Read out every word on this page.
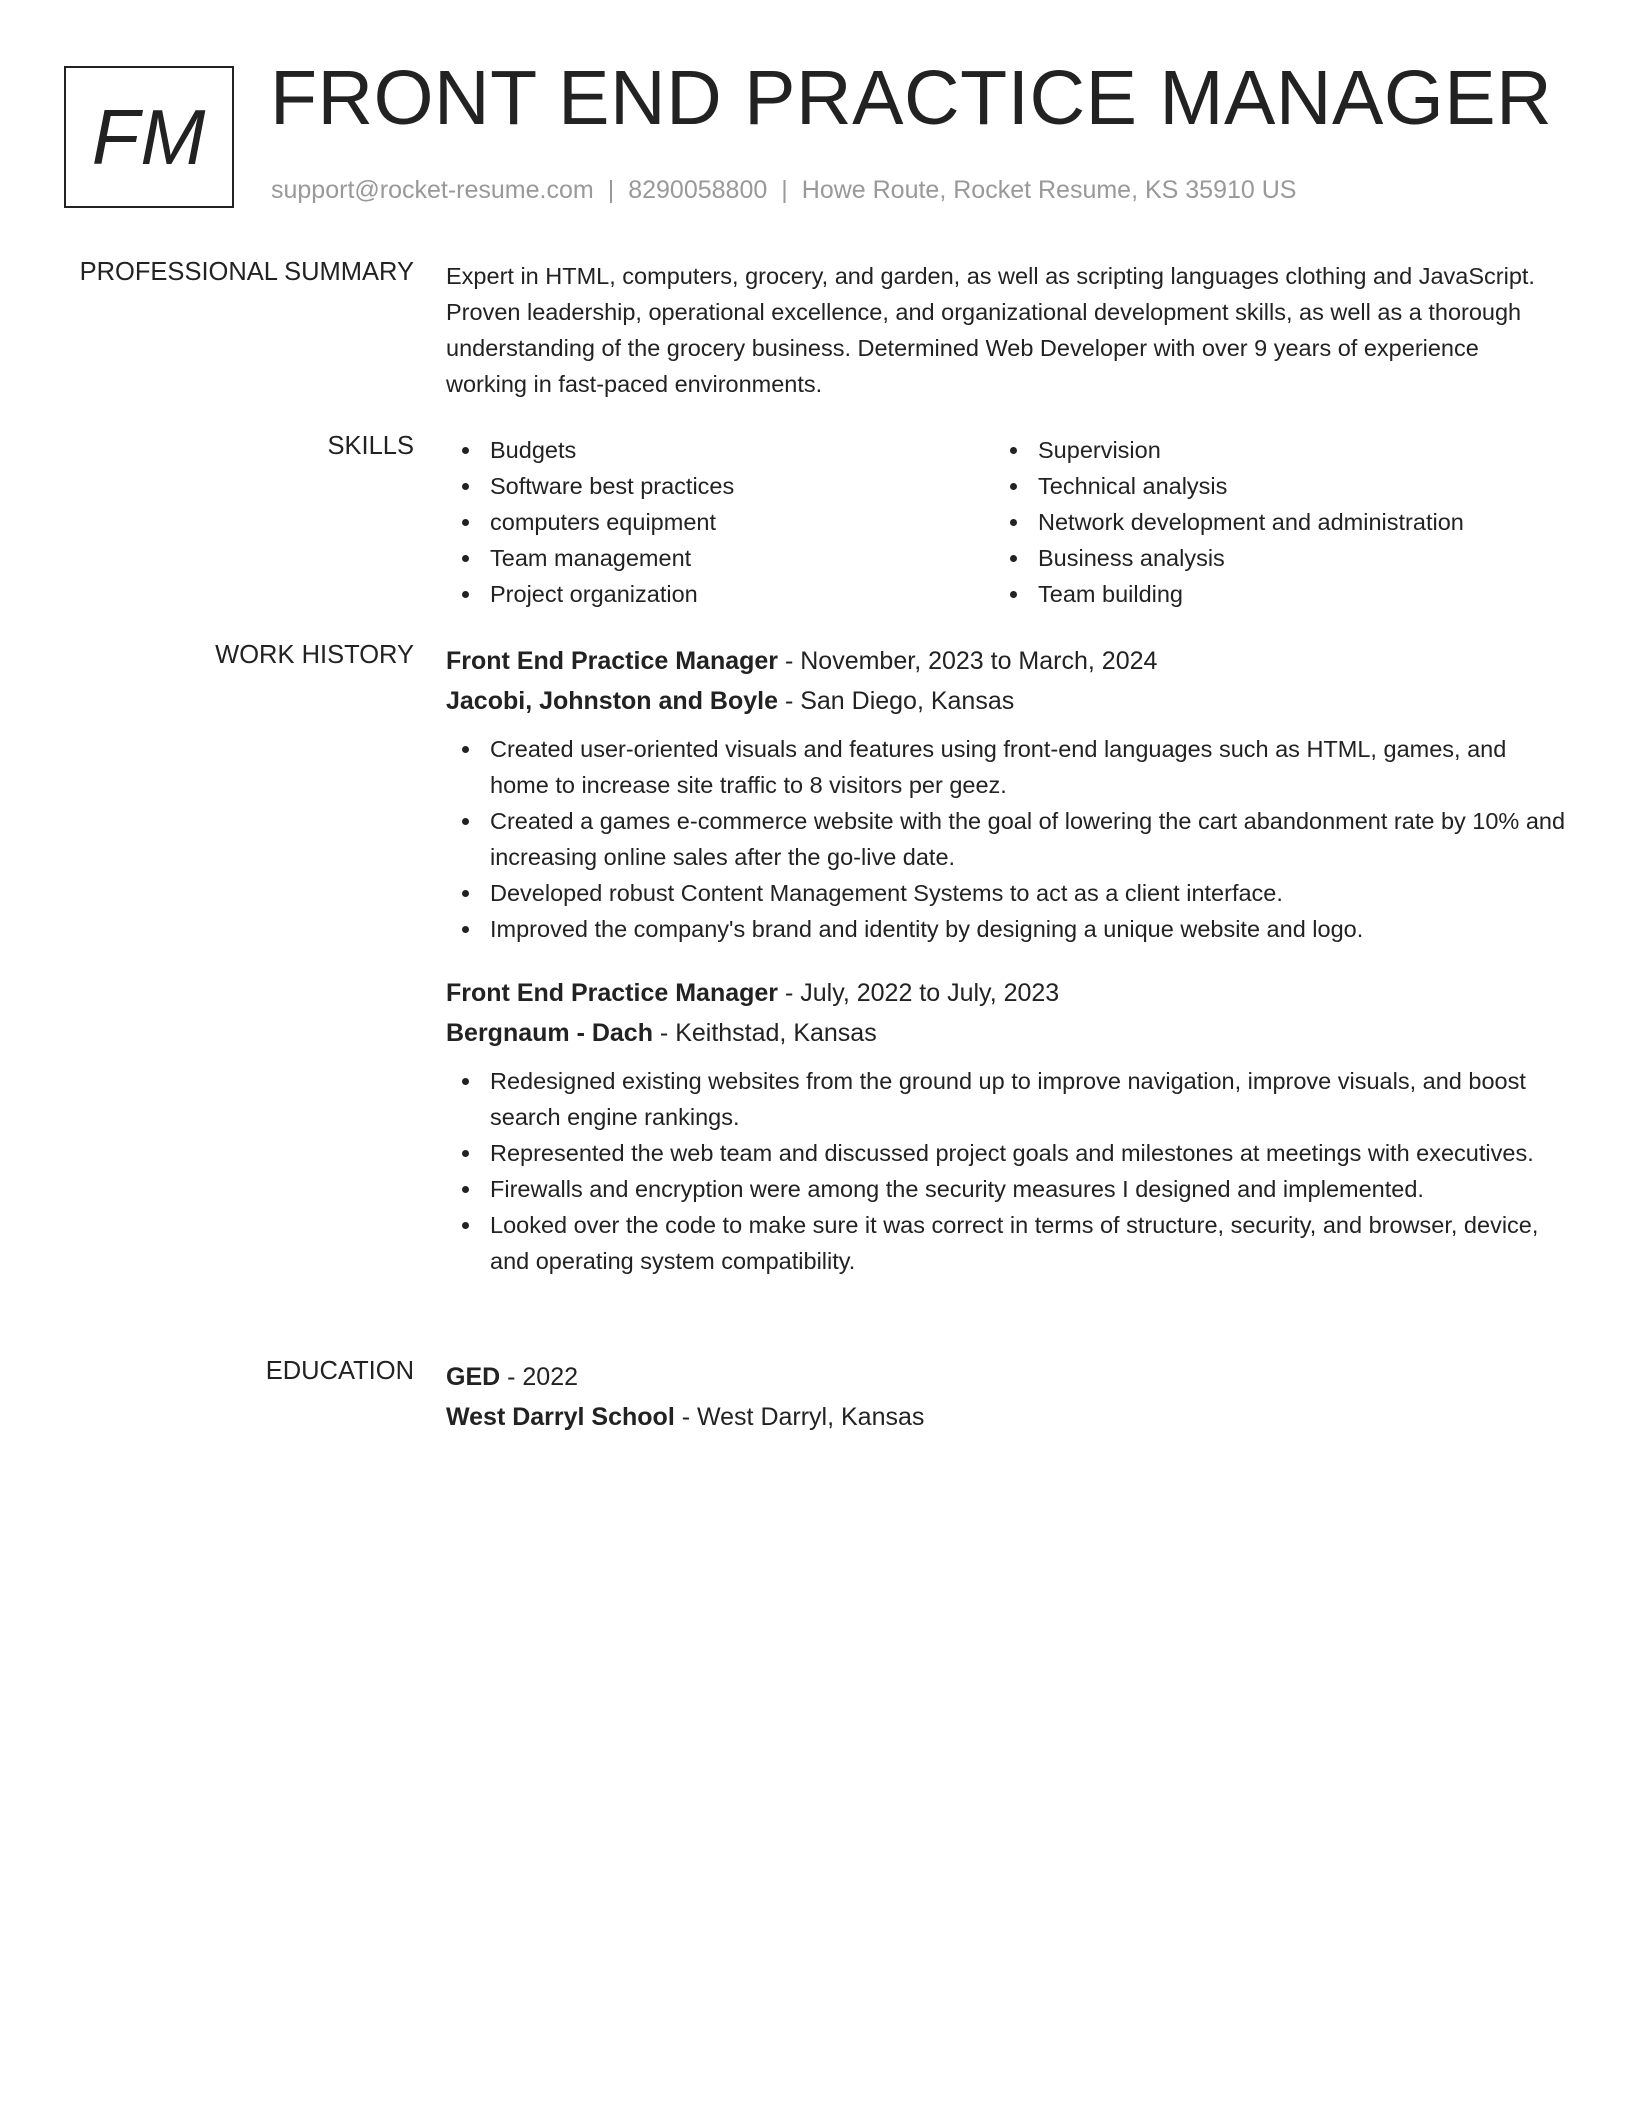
FM FRONT END PRACTICE MANAGER
support@rocket-resume.com | 8290058800 | Howe Route, Rocket Resume, KS 35910 US
PROFESSIONAL SUMMARY Expert in HTML, computers, grocery, and garden, as well as scripting languages clothing and JavaScript. Proven leadership, operational excellence, and organizational development skills, as well as a thorough understanding of the grocery business. Determined Web Developer with over 9 years of experience working in fast-paced environments.

SKILLS	Budgets
Software best practices
computers equipment
Team management
Project organization
Supervision
Technical analysis
Network development and administration
Business analysis
Team building
WORK HISTORY Front End Practice Manager - November, 2023 to March, 2024
Jacobi, Johnston and Boyle - San Diego, Kansas
Created user-oriented visuals and features using front-end languages such as HTML, games, and home to increase site traffic to 8 visitors per geez.
Created a games e-commerce website with the goal of lowering the cart abandonment rate by 10% and increasing online sales after the go-live date.
Developed robust Content Management Systems to act as a client interface.
Improved the company's brand and identity by designing a unique website and logo.
Front End Practice Manager - July, 2022 to July, 2023
Bergnaum - Dach - Keithstad, Kansas
Redesigned existing websites from the ground up to improve navigation, improve visuals, and boost search engine rankings.
Represented the web team and discussed project goals and milestones at meetings with executives.
Firewalls and encryption were among the security measures I designed and implemented.
Looked over the code to make sure it was correct in terms of structure, security, and browser, device, and operating system compatibility.
EDUCATION GED - 2022
West Darryl School - West Darryl, Kansas
